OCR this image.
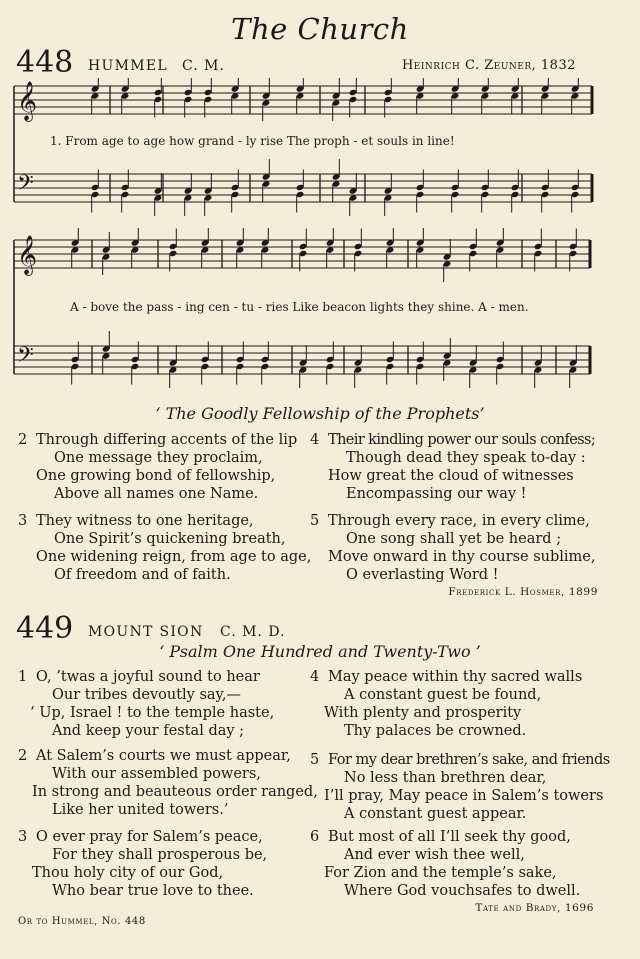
The Church
448 HUMMEL C. M.	Heinrich C. Zeuner, 1832
𝄞
𝄢
1. From age to age how grand - ly rise The proph - et souls in line!
𝄞
𝄢
A - bove the pass - ing cen - tu - ries Like beacon lights they shine. A - men.
‘ The Goodly Fellowship of the Prophets’
2 Through differing accents of the lip
One message they proclaim,
One growing bond of fellowship,
Above all names one Name.
3 They witness to one heritage,
One Spirit’s quickening breath,
One widening reign, from age to age,
Of freedom and of faith.
4 Their kindling power our souls confess;
Though dead they speak to-day :
How great the cloud of witnesses
Encompassing our way !
5 Through every race, in every clime,
One song shall yet be heard ;
Move onward in thy course sublime,
O everlasting Word !
Frederick L. Hosmer, 1899
449 MOUNT SION C. M. D.
‘ Psalm One Hundred and Twenty-Two ’
1 O, ’twas a joyful sound to hear
Our tribes devoutly say,—
‘ Up, Israel ! to the temple haste,
And keep your festal day ;
2 At Salem’s courts we must appear,
With our assembled powers,
In strong and beauteous order ranged,
Like her united towers.’
3 O ever pray for Salem’s peace,
For they shall prosperous be,
Thou holy city of our God,
Who bear true love to thee.
4 May peace within thy sacred walls
A constant guest be found,
With plenty and prosperity
Thy palaces be crowned.
5 For my dear brethren’s sake, and friends
No less than brethren dear,
I’ll pray, May peace in Salem’s towers
A constant guest appear.
6 But most of all I’ll seek thy good,
And ever wish thee well,
For Zion and the temple’s sake,
Where God vouchsafes to dwell.
Tate and Brady, 1696
Or to Hummel, No. 448
